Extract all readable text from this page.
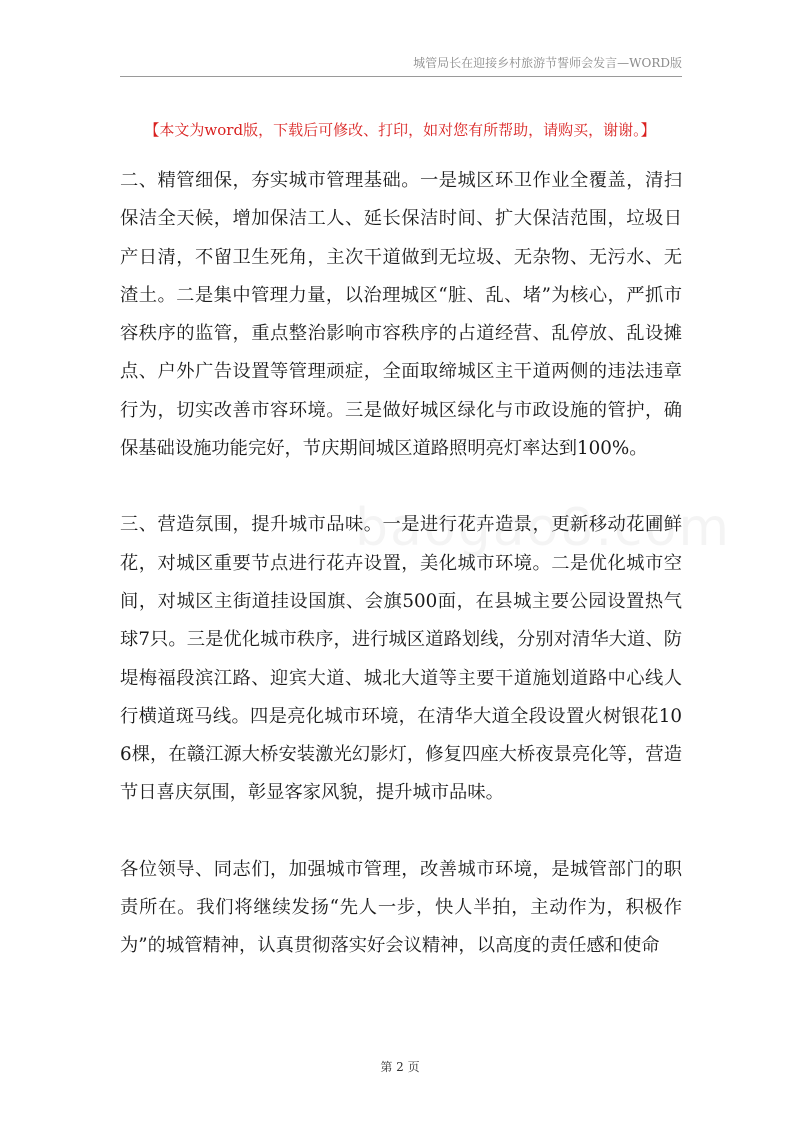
城管局长在迎接乡村旅游节誓师会发言—WORD版
【本文为word版，下载后可修改、打印，如对您有所帮助，请购买，谢谢。】

二、精管细保，夯实城市管理基础。一是城区环卫作业全覆盖，清扫保洁全天候，增加保洁工人、延长保洁时间、扩大保洁范围，垃圾日产日清，不留卫生死角，主次干道做到无垃圾、无杂物、无污水、无渣土。二是集中管理力量，以治理城区“脏、乱、堵”为核心，严抓市容秩序的监管，重点整治影响市容秩序的占道经营、乱停放、乱设摊点、户外广告设置等管理顽症，全面取缔城区主干道两侧的违法违章行为，切实改善市容环境。三是做好城区绿化与市政设施的管护，确保基础设施功能完好，节庆期间城区道路照明亮灯率达到100%。

三、营造氛围，提升城市品味。一是进行花卉造景，更新移动花圃鲜花，对城区重要节点进行花卉设置，美化城市环境。二是优化城市空间，对城区主街道挂设国旗、会旗500面，在县城主要公园设置热气球7只。三是优化城市秩序，进行城区道路划线，分别对清华大道、防堤梅福段滨江路、迎宾大道、城北大道等主要干道施划道路中心线人行横道斑马线。四是亮化城市环境，在清华大道全段设置火树银花106棵，在赣江源大桥安装激光幻影灯，修复四座大桥夜景亮化等，营造节日喜庆氛围，彰显客家风貌，提升城市品味。

各位领导、同志们，加强城市管理，改善城市环境，是城管部门的职责所在。我们将继续发扬“先人一步，快人半拍，主动作为，积极作为”的城管精神，认真贯彻落实好会议精神，以高度的责任感和使命

第 2 页
